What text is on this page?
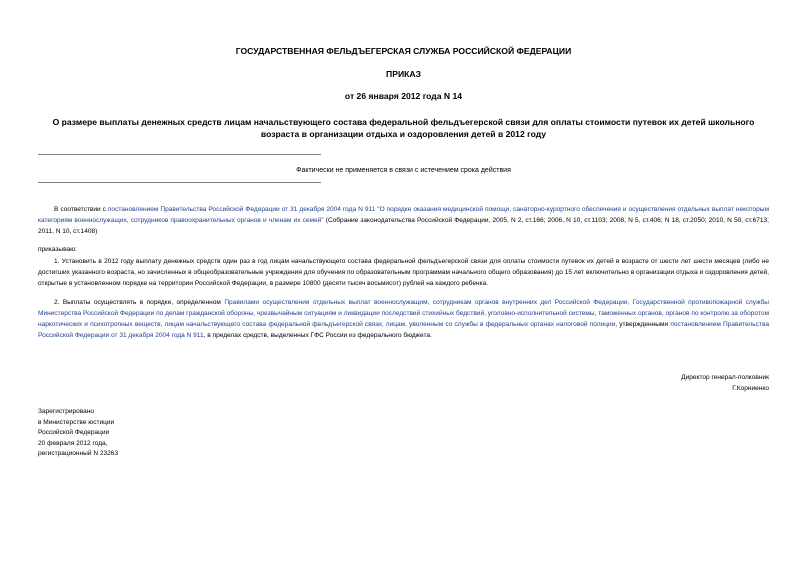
ГОСУДАРСТВЕННАЯ ФЕЛЬДЪЕГЕРСКАЯ СЛУЖБА РОССИЙСКОЙ ФЕДЕРАЦИИ
ПРИКАЗ
от 26 января 2012 года N 14
О размере выплаты денежных средств лицам начальствующего состава федеральной фельдъегерской связи для оплаты стоимости путевок их детей школьного
возраста в организации отдыха и оздоровления детей в 2012 году
Фактически не применяется в связи с истечением срока действия

В соответствии с постановлением Правительства Российской Федерации от 31 декабря 2004 года N 911 "О порядке оказания медицинской помощи, санаторно-курортного обеспечения и осуществления отдельных выплат некоторым категориям военнослужащих, сотрудников правоохранительных органов и членам их семей" (Собрание законодательства Российской Федерации, 2005, N 2, ст.166; 2006, N 10, ст.1103; 2008, N 5, ст.406; N 18, ст.2050; 2010, N 50, ст.6713; 2011, N 10, ст.1408)

приказываю:

1. Установить в 2012 году выплату денежных средств один раз в год лицам начальствующего состава федеральной фельдъегерской связи для оплаты стоимости путевок их детей в возрасте от шести лет шести месяцев (либо не достигших указанного возраста, но зачисленных в общеобразовательные учреждения для обучения по образовательным программам начального общего образования) до 15 лет включительно в организации отдыха и оздоровления детей, открытые в установленном порядке на территории Российской Федерации, в размере 10800 (десяти тысяч восьмисот) рублей на каждого ребенка.

2. Выплаты осуществлять в порядке, определенном Правилами осуществления отдельных выплат военнослужащим, сотрудникам органов внутренних дел Российской Федерации, Государственной противопожарной службы Министерства Российской Федерации по делам гражданской обороны, чрезвычайным ситуациям и ликвидации последствий стихийных бедствий, уголовно-исполнительной системы, таможенных органов, органов по контролю за оборотом наркотических и психотропных веществ, лицам начальствующего состава федеральной фельдъегерской связи, лицам, уволенным со службы в федеральных органах налоговой полиции, утвержденными постановлением Правительства Российской Федерации от 31 декабря 2004 года N 911, в пределах средств, выделенных ГФС России из федерального бюджета.

Директор генерал-полковник
Г.Корниенко
Зарегистрировано
в Министерстве юстиции
Российской Федерации
20 февраля 2012 года,
регистрационный N 23263
